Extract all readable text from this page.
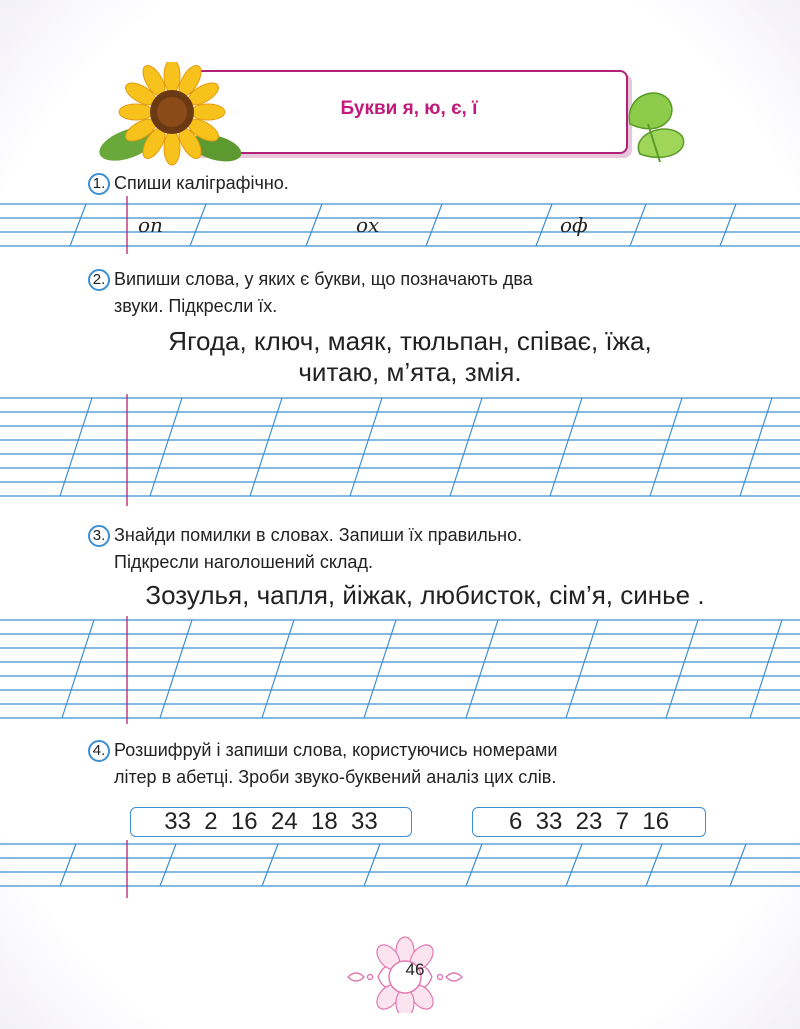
Букви я, ю, є, ї
1. Спиши каліграфічно.
оп	ох	оф
2. Випиши слова, у яких є букви, що позначають два
звуки. Підкресли їх.
Ягода, ключ, маяк, тюльпан, співає, їжа,
читаю, м’ята, змія.
3. Знайди помилки в словах. Запиши їх правильно.
Підкресли наголошений склад.
Зозулья, чапля, йіжак, любисток, сім’я, синье .
4. Розшифруй і запиши слова, користуючись номерами
літер в абетці. Зроби звуко-буквений аналіз цих слів.
33  2  16  24  18  33	6  33  23  7  16
46
